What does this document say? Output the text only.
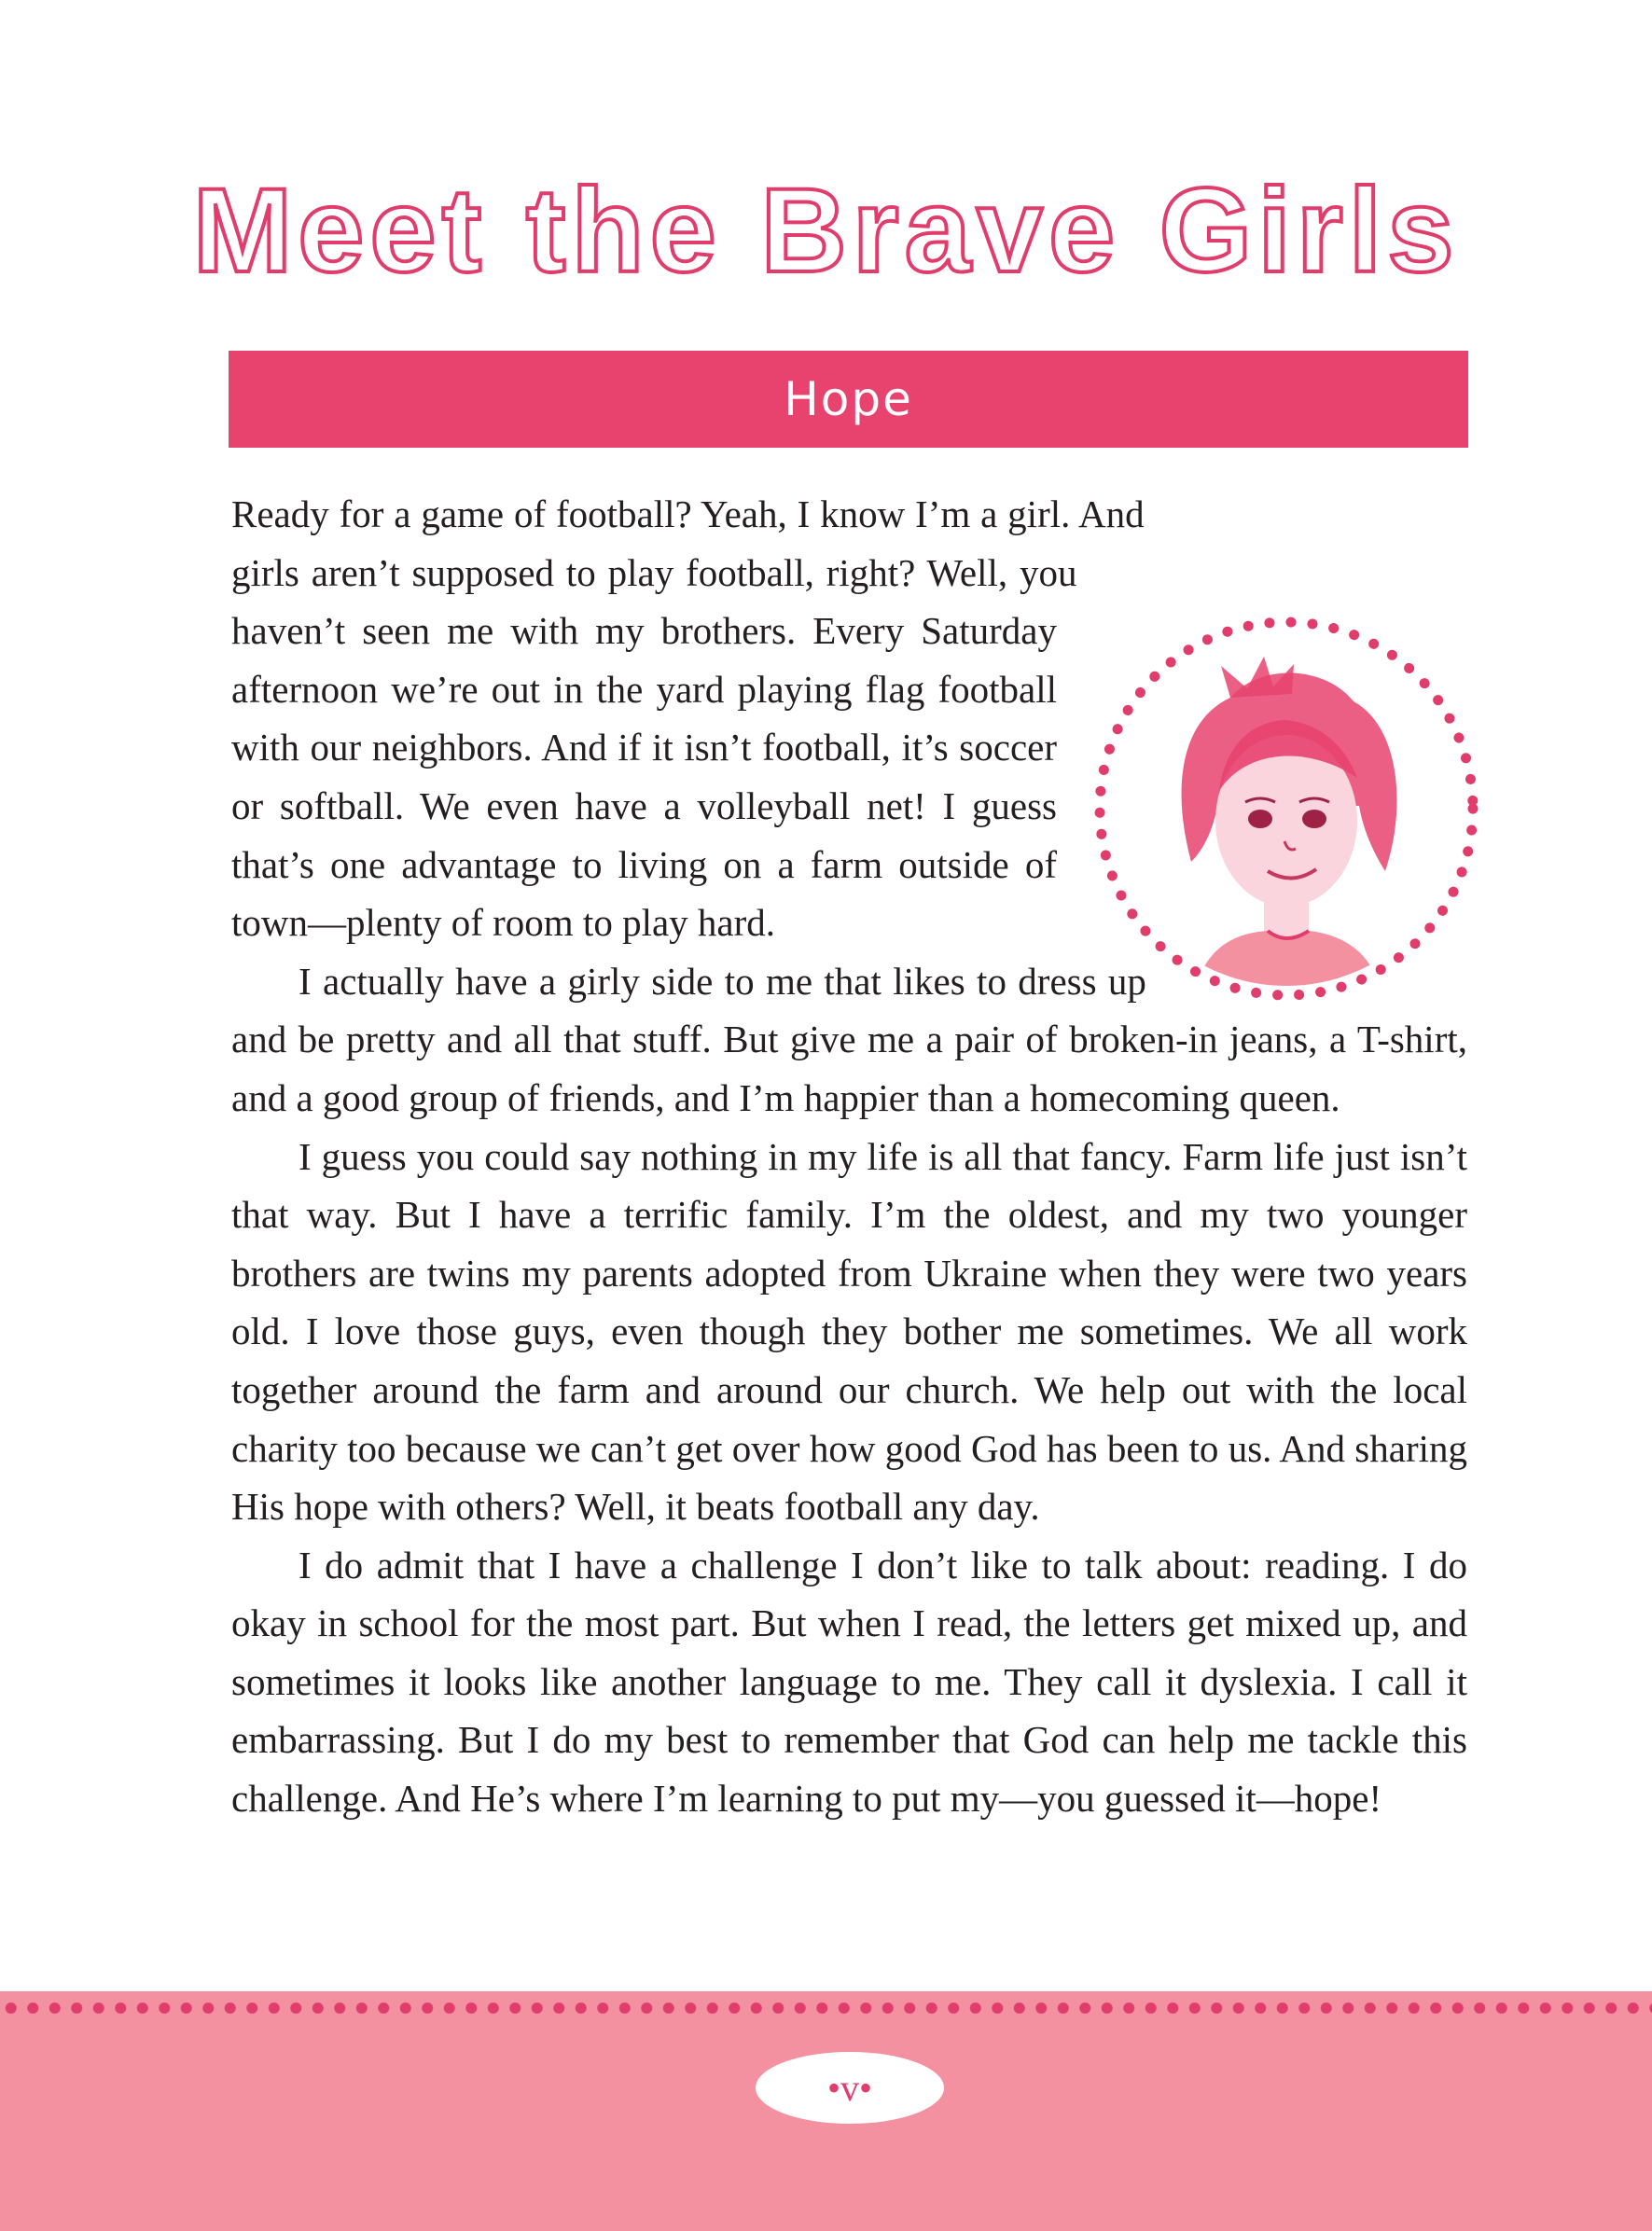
Meet the Brave Girls
Hope

Ready for a game of football? Yeah, I know I’m a girl. And girls aren’t supposed to play football, right? Well, you haven’t seen me with my brothers. Every Saturday afternoon we’re out in the yard playing flag football with our neighbors. And if it isn’t football, it’s soccer or softball. We even have a volleyball net! I guess that’s one advantage to living on a farm outside of town—plenty of room to play hard.

I actually have a girly side to me that likes to dress up and be pretty and all that stuff. But give me a pair of broken-in jeans, a T-shirt, and a good group of friends, and I’m happier than a homecoming queen.

I guess you could say nothing in my life is all that fancy. Farm life just isn’t that way. But I have a terrific family. I’m the oldest, and my two younger brothers are twins my parents adopted from Ukraine when they were two years old. I love those guys, even though they bother me sometimes. We all work together around the farm and around our church. We help out with the local charity too because we can’t get over how good God has been to us. And sharing His hope with others? Well, it beats football any day.

I do admit that I have a challenge I don’t like to talk about: reading. I do okay in school for the most part. But when I read, the letters get mixed up, and sometimes it looks like another language to me. They call it dyslexia. I call it embarrassing. But I do my best to remember that God can help me tackle this challenge. And He’s where I’m learning to put my—you guessed it—hope!

•v•
